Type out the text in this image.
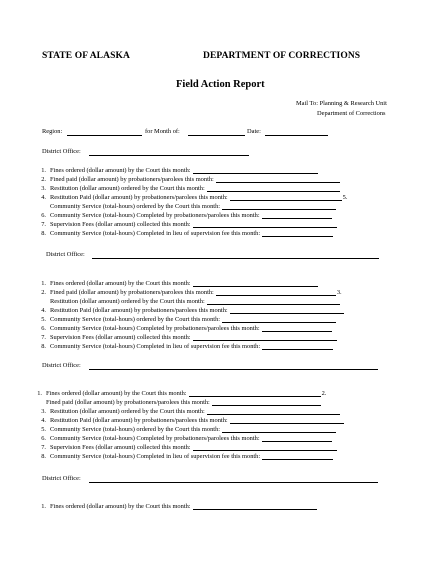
STATE OF ALASKA	DEPARTMENT OF CORRECTIONS
Field Action Report
Mail To: Planning & Research Unit
Department of Corrections
Region:	for Month of:	Date:
District Office:
1. Fines ordered (dollar amount) by the Court this month:
2. Fined paid (dollar amount) by probationers/parolees this month:
3. Restitution (dollar amount) ordered by the Court this month:
4. Restitution Paid (dollar amount) by probationers/parolees this month:	5.
Community Service (total-hours) ordered by the Court this month:
6. Community Service (total-hours) Completed by probationers/parolees this month:
7. Supervision Fees (dollar amount) collected this month:
8. Community Service (total-hours) Completed in lieu of supervision fee this month:
District Office:
1. Fines ordered (dollar amount) by the Court this month:
2. Fined paid (dollar amount) by probationers/parolees this month:	3.
Restitution (dollar amount) ordered by the Court this month:
4. Restitution Paid (dollar amount) by probationers/parolees this month:
5. Community Service (total-hours) ordered by the Court this month:
6. Community Service (total-hours) Completed by probationers/parolees this month:
7. Supervision Fees (dollar amount) collected this month:
8. Community Service (total-hours) Completed in lieu of supervision fee this month:
District Office:
1. Fines ordered (dollar amount) by the Court this month:	2.
Fined paid (dollar amount) by probationers/parolees this month:
3. Restitution (dollar amount) ordered by the Court this month:
4. Restitution Paid (dollar amount) by probationers/parolees this month:
5. Community Service (total-hours) ordered by the Court this month:
6. Community Service (total-hours) Completed by probationers/parolees this month:
7. Supervision Fees (dollar amount) collected this month:
8. Community Service (total-hours) Completed in lieu of supervision fee this month:
District Office:
1. Fines ordered (dollar amount) by the Court this month:
